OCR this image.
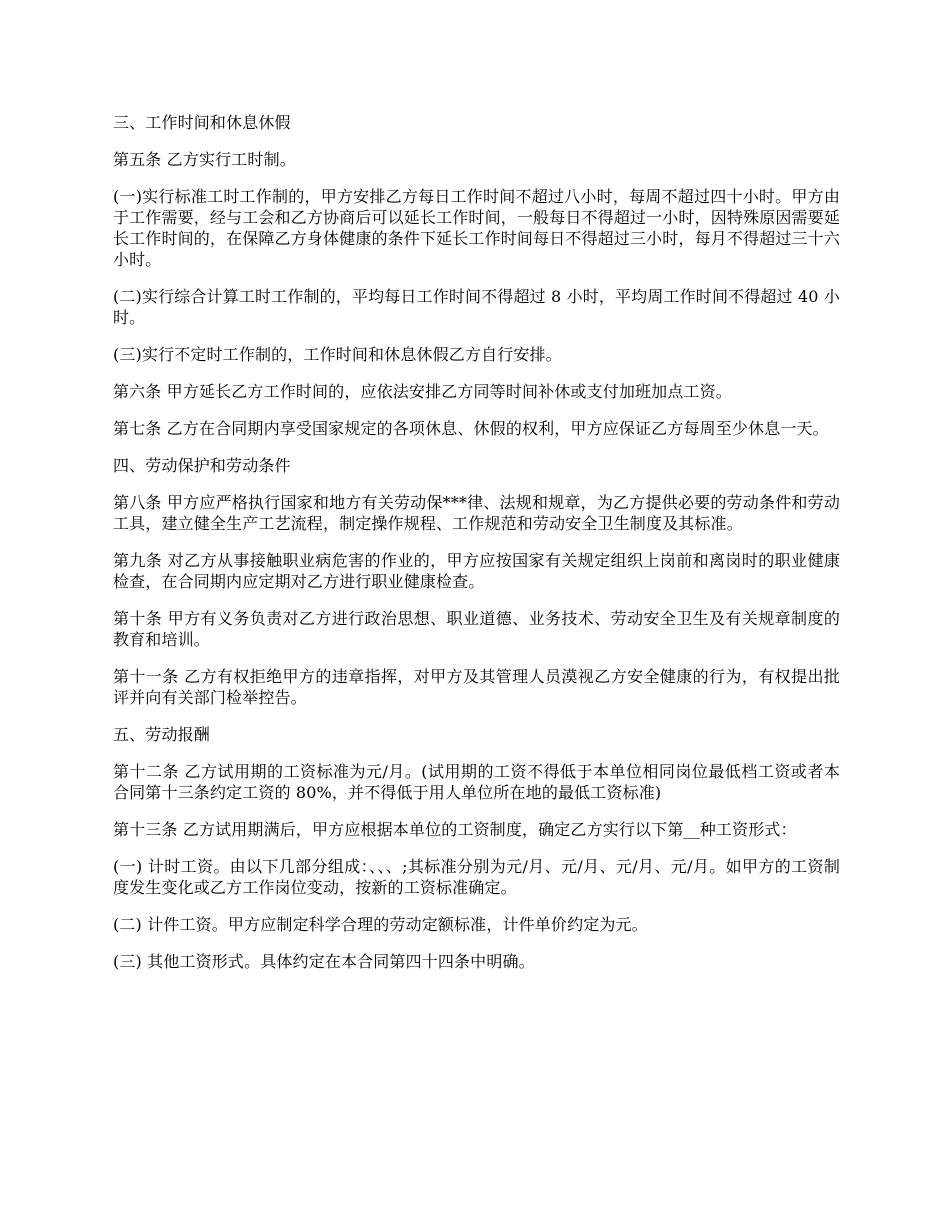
三、工作时间和休息休假

第五条 乙方实行工时制。

(一)实行标准工时工作制的，甲方安排乙方每日工作时间不超过八小时，每周不超过四十小时。甲方由于工作需要，经与工会和乙方协商后可以延长工作时间，一般每日不得超过一小时，因特殊原因需要延长工作时间的，在保障乙方身体健康的条件下延长工作时间每日不得超过三小时，每月不得超过三十六小时。

(二)实行综合计算工时工作制的，平均每日工作时间不得超过 8 小时，平均周工作时间不得超过 40 小时。

(三)实行不定时工作制的，工作时间和休息休假乙方自行安排。

第六条 甲方延长乙方工作时间的，应依法安排乙方同等时间补休或支付加班加点工资。

第七条 乙方在合同期内享受国家规定的各项休息、休假的权利，甲方应保证乙方每周至少休息一天。

四、劳动保护和劳动条件

第八条 甲方应严格执行国家和地方有关劳动保***律、法规和规章，为乙方提供必要的劳动条件和劳动工具，建立健全生产工艺流程，制定操作规程、工作规范和劳动安全卫生制度及其标准。

第九条 对乙方从事接触职业病危害的作业的，甲方应按国家有关规定组织上岗前和离岗时的职业健康检查，在合同期内应定期对乙方进行职业健康检查。

第十条 甲方有义务负责对乙方进行政治思想、职业道德、业务技术、劳动安全卫生及有关规章制度的教育和培训。

第十一条 乙方有权拒绝甲方的违章指挥，对甲方及其管理人员漠视乙方安全健康的行为，有权提出批评并向有关部门检举控告。

五、劳动报酬

第十二条 乙方试用期的工资标准为元/月。(试用期的工资不得低于本单位相同岗位最低档工资或者本合同第十三条约定工资的 80%，并不得低于用人单位所在地的最低工资标准)

第十三条 乙方试用期满后，甲方应根据本单位的工资制度，确定乙方实行以下第__种工资形式：

(一) 计时工资。由以下几部分组成：、、、;其标准分别为元/月、元/月、元/月、元/月。如甲方的工资制度发生变化或乙方工作岗位变动，按新的工资标准确定。

(二) 计件工资。甲方应制定科学合理的劳动定额标准，计件单价约定为元。

(三) 其他工资形式。具体约定在本合同第四十四条中明确。
